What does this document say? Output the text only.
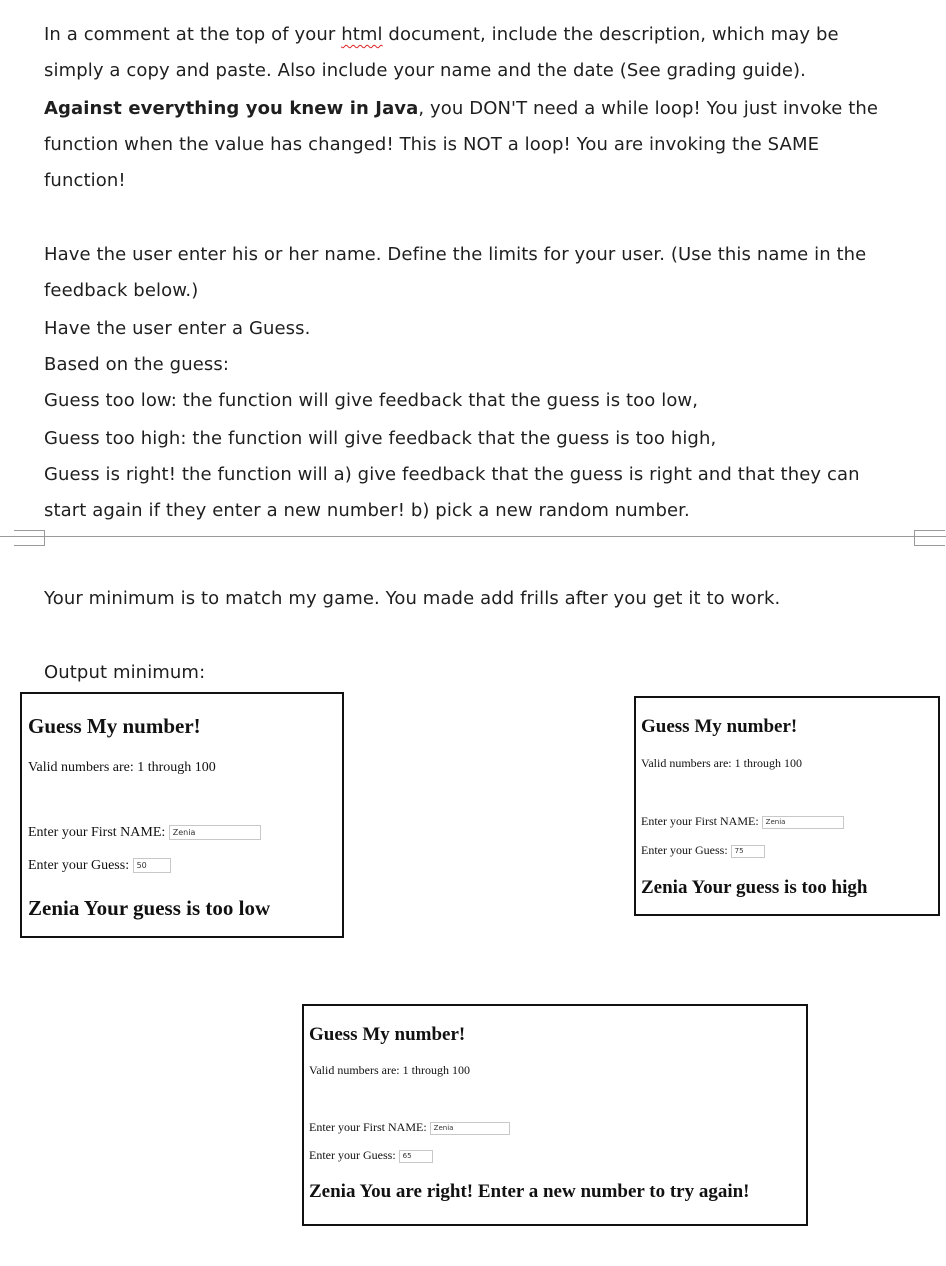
In a comment at the top of your html document, include the description, which may be
simply a copy and paste. Also include your name and the date (See grading guide).
Against everything you knew in Java, you DON'T need a while loop! You just invoke the
function when the value has changed! This is NOT a loop! You are invoking the SAME
function!
Have the user enter his or her name. Define the limits for your user. (Use this name in the
feedback below.)
Have the user enter a Guess.
Based on the guess:
Guess too low: the function will give feedback that the guess is too low,
Guess too high: the function will give feedback that the guess is too high,
Guess is right! the function will a) give feedback that the guess is right and that they can
start again if they enter a new number! b) pick a new random number.
Your minimum is to match my game. You made add frills after you get it to work.
Output minimum:
Guess My number!
Valid numbers are: 1 through 100
Enter your First NAME: Zenia
Enter your Guess: 50
Zenia Your guess is too low
Guess My number!
Valid numbers are: 1 through 100
Enter your First NAME: Zenia
Enter your Guess: 75
Zenia Your guess is too high
Guess My number!
Valid numbers are: 1 through 100
Enter your First NAME: Zenia
Enter your Guess: 65
Zenia You are right! Enter a new number to try again!
